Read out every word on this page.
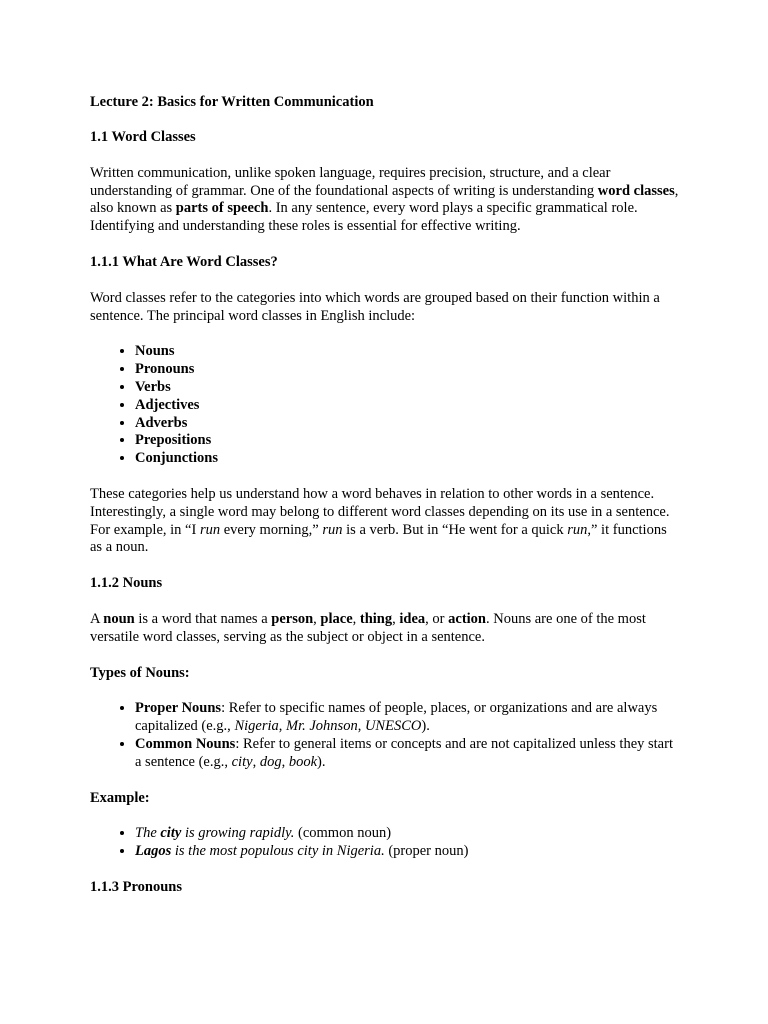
Lecture 2: Basics for Written Communication
1.1 Word Classes

Written communication, unlike spoken language, requires precision, structure, and a clear understanding of grammar. One of the foundational aspects of writing is understanding word classes, also known as parts of speech. In any sentence, every word plays a specific grammatical role. Identifying and understanding these roles is essential for effective writing.

1.1.1 What Are Word Classes?

Word classes refer to the categories into which words are grouped based on their function within a sentence. The principal word classes in English include:

• Nouns
• Pronouns
• Verbs
• Adjectives
• Adverbs
• Prepositions
• Conjunctions

These categories help us understand how a word behaves in relation to other words in a sentence. Interestingly, a single word may belong to different word classes depending on its use in a sentence. For example, in “I run every morning,” run is a verb. But in “He went for a quick run,” it functions as a noun.

1.1.2 Nouns

A noun is a word that names a person, place, thing, idea, or action. Nouns are one of the most versatile word classes, serving as the subject or object in a sentence.

Types of Nouns:
• Proper Nouns: Refer to specific names of people, places, or organizations and are always capitalized (e.g., Nigeria, Mr. Johnson, UNESCO).
• Common Nouns: Refer to general items or concepts and are not capitalized unless they start a sentence (e.g., city, dog, book).
Example:
• The city is growing rapidly. (common noun)
• Lagos is the most populous city in Nigeria. (proper noun)
1.1.3 Pronouns
